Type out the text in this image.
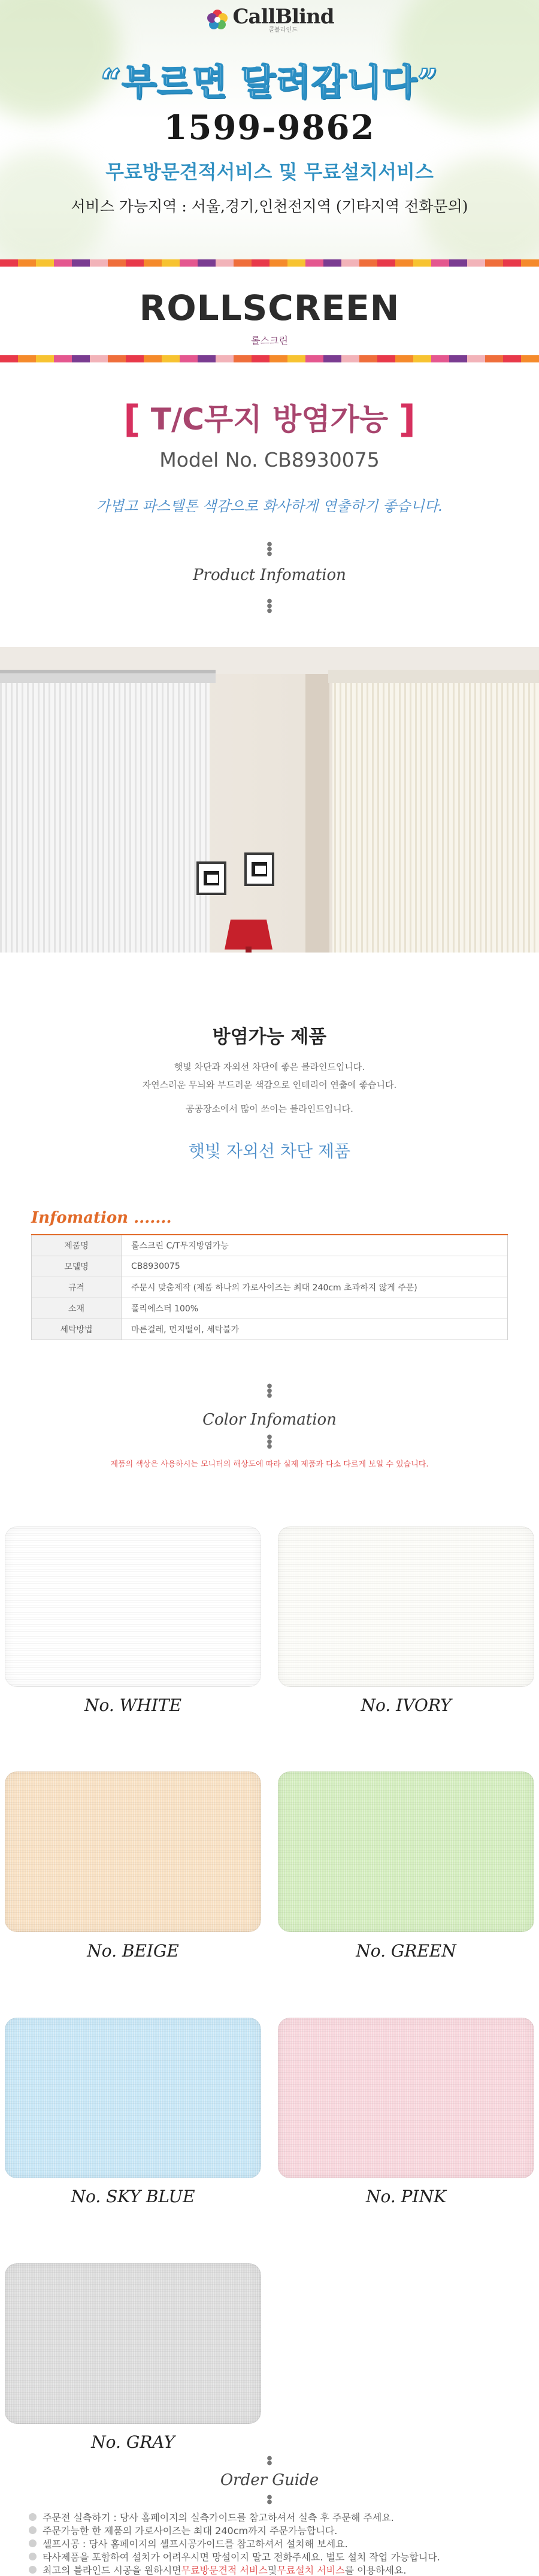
CallBlind
콜블라인드
“부르면 달려갑니다”
1599-9862
무료방문견적서비스 및 무료설치서비스
서비스 가능지역 : 서울,경기,인천전지역 (기타지역 전화문의)
ROLLSCREEN
롤스크린
[ T/C무지 방염가능 ]
Model No. CB8930075
가볍고 파스텔톤 색감으로 화사하게 연출하기 좋습니다.
●
●
●
Product Infomation
●
●
●
방염가능 제품
햇빛 차단과 자외선 차단에 좋은 블라인드입니다.
자연스러운 무늬와 부드러운 색감으로 인테리어 연출에 좋습니다.
공공장소에서 많이 쓰이는 블라인드입니다.
햇빛 자외선 차단 제품
Infomation .......
제품명	롤스크린 C/T무지방염가능
모델명	CB8930075
규격	주문시 맞춤제작 (제품 하나의 가로사이즈는 최대 240cm 초과하지 않게 주문)
소재	폴리에스터 100%
세탁방법	마른걸레, 먼지떨이, 세탁불가
●
●
●
Color Infomation
●
●
●
제품의 색상은 사용하시는 모니터의 해상도에 따라 실제 제품과 다소 다르게 보일 수 있습니다.
No. WHITE	No. IVORY
No. BEIGE	No. GREEN
No. SKY BLUE	No. PINK
No. GRAY
●
●
Order Guide
●
●
주문전 실측하기 : 당사 홈페이지의 실측가이드를 참고하셔서 실측 후 주문해 주세요.
주문가능한 한 제품의 가로사이즈는 최대 240cm까지 주문가능합니다.
셀프시공 : 당사 홈페이지의 셀프시공가이드를 참고하셔서 설치해 보세요.
타사제품을 포함하여 설치가 어려우시면 망설이지 말고 전화주세요. 별도 설치 작업 가능합니다.
최고의 블라인드 시공을 원하시면 무료방문견적 서비스 및 무료설치 서비스 를 이용하세요.
